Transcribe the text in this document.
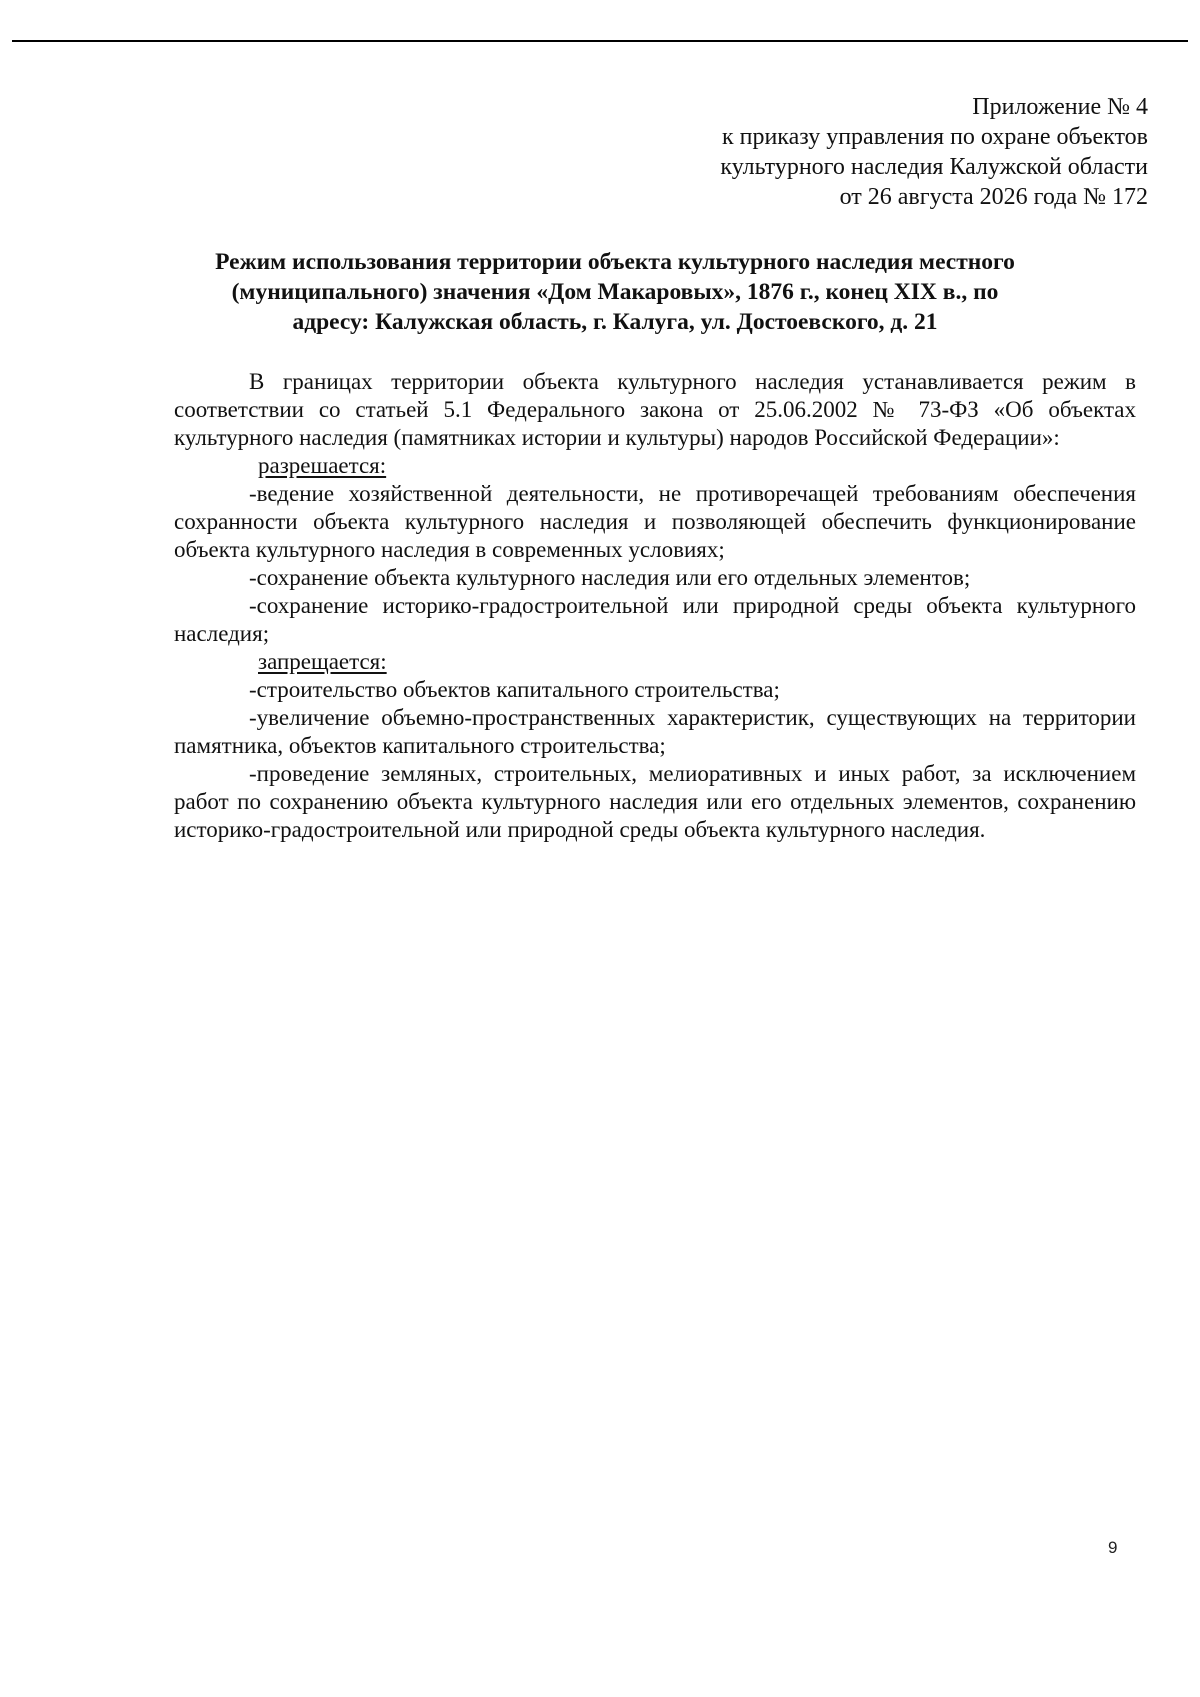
Приложение № 4
к приказу управления по охране объектов
культурного наследия Калужской области
от 26 августа 2026 года № 172
Режим использования территории объекта культурного наследия местного
(муниципального) значения «Дом Макаровых», 1876 г., конец XIX в., по
адресу: Калужская область, г. Калуга, ул. Достоевского, д. 21

В границах территории объекта культурного наследия устанавливается режим в соответствии со статьей 5.1 Федерального закона от 25.06.2002 № 73-ФЗ «Об объектах культурного наследия (памятниках истории и культуры) народов Российской Федерации»:

разрешается:

-ведение хозяйственной деятельности, не противоречащей требованиям обеспечения сохранности объекта культурного наследия и позволяющей обеспечить функционирование объекта культурного наследия в современных условиях;

-сохранение объекта культурного наследия или его отдельных элементов;

-сохранение историко-градостроительной или природной среды объекта культурного наследия;

запрещается:

-строительство объектов капитального строительства;

-увеличение объемно-пространственных характеристик, существующих на территории памятника, объектов капитального строительства;

-проведение земляных, строительных, мелиоративных и иных работ, за исключением работ по сохранению объекта культурного наследия или его отдельных элементов, сохранению историко-градостроительной или природной среды объекта культурного наследия.

9
